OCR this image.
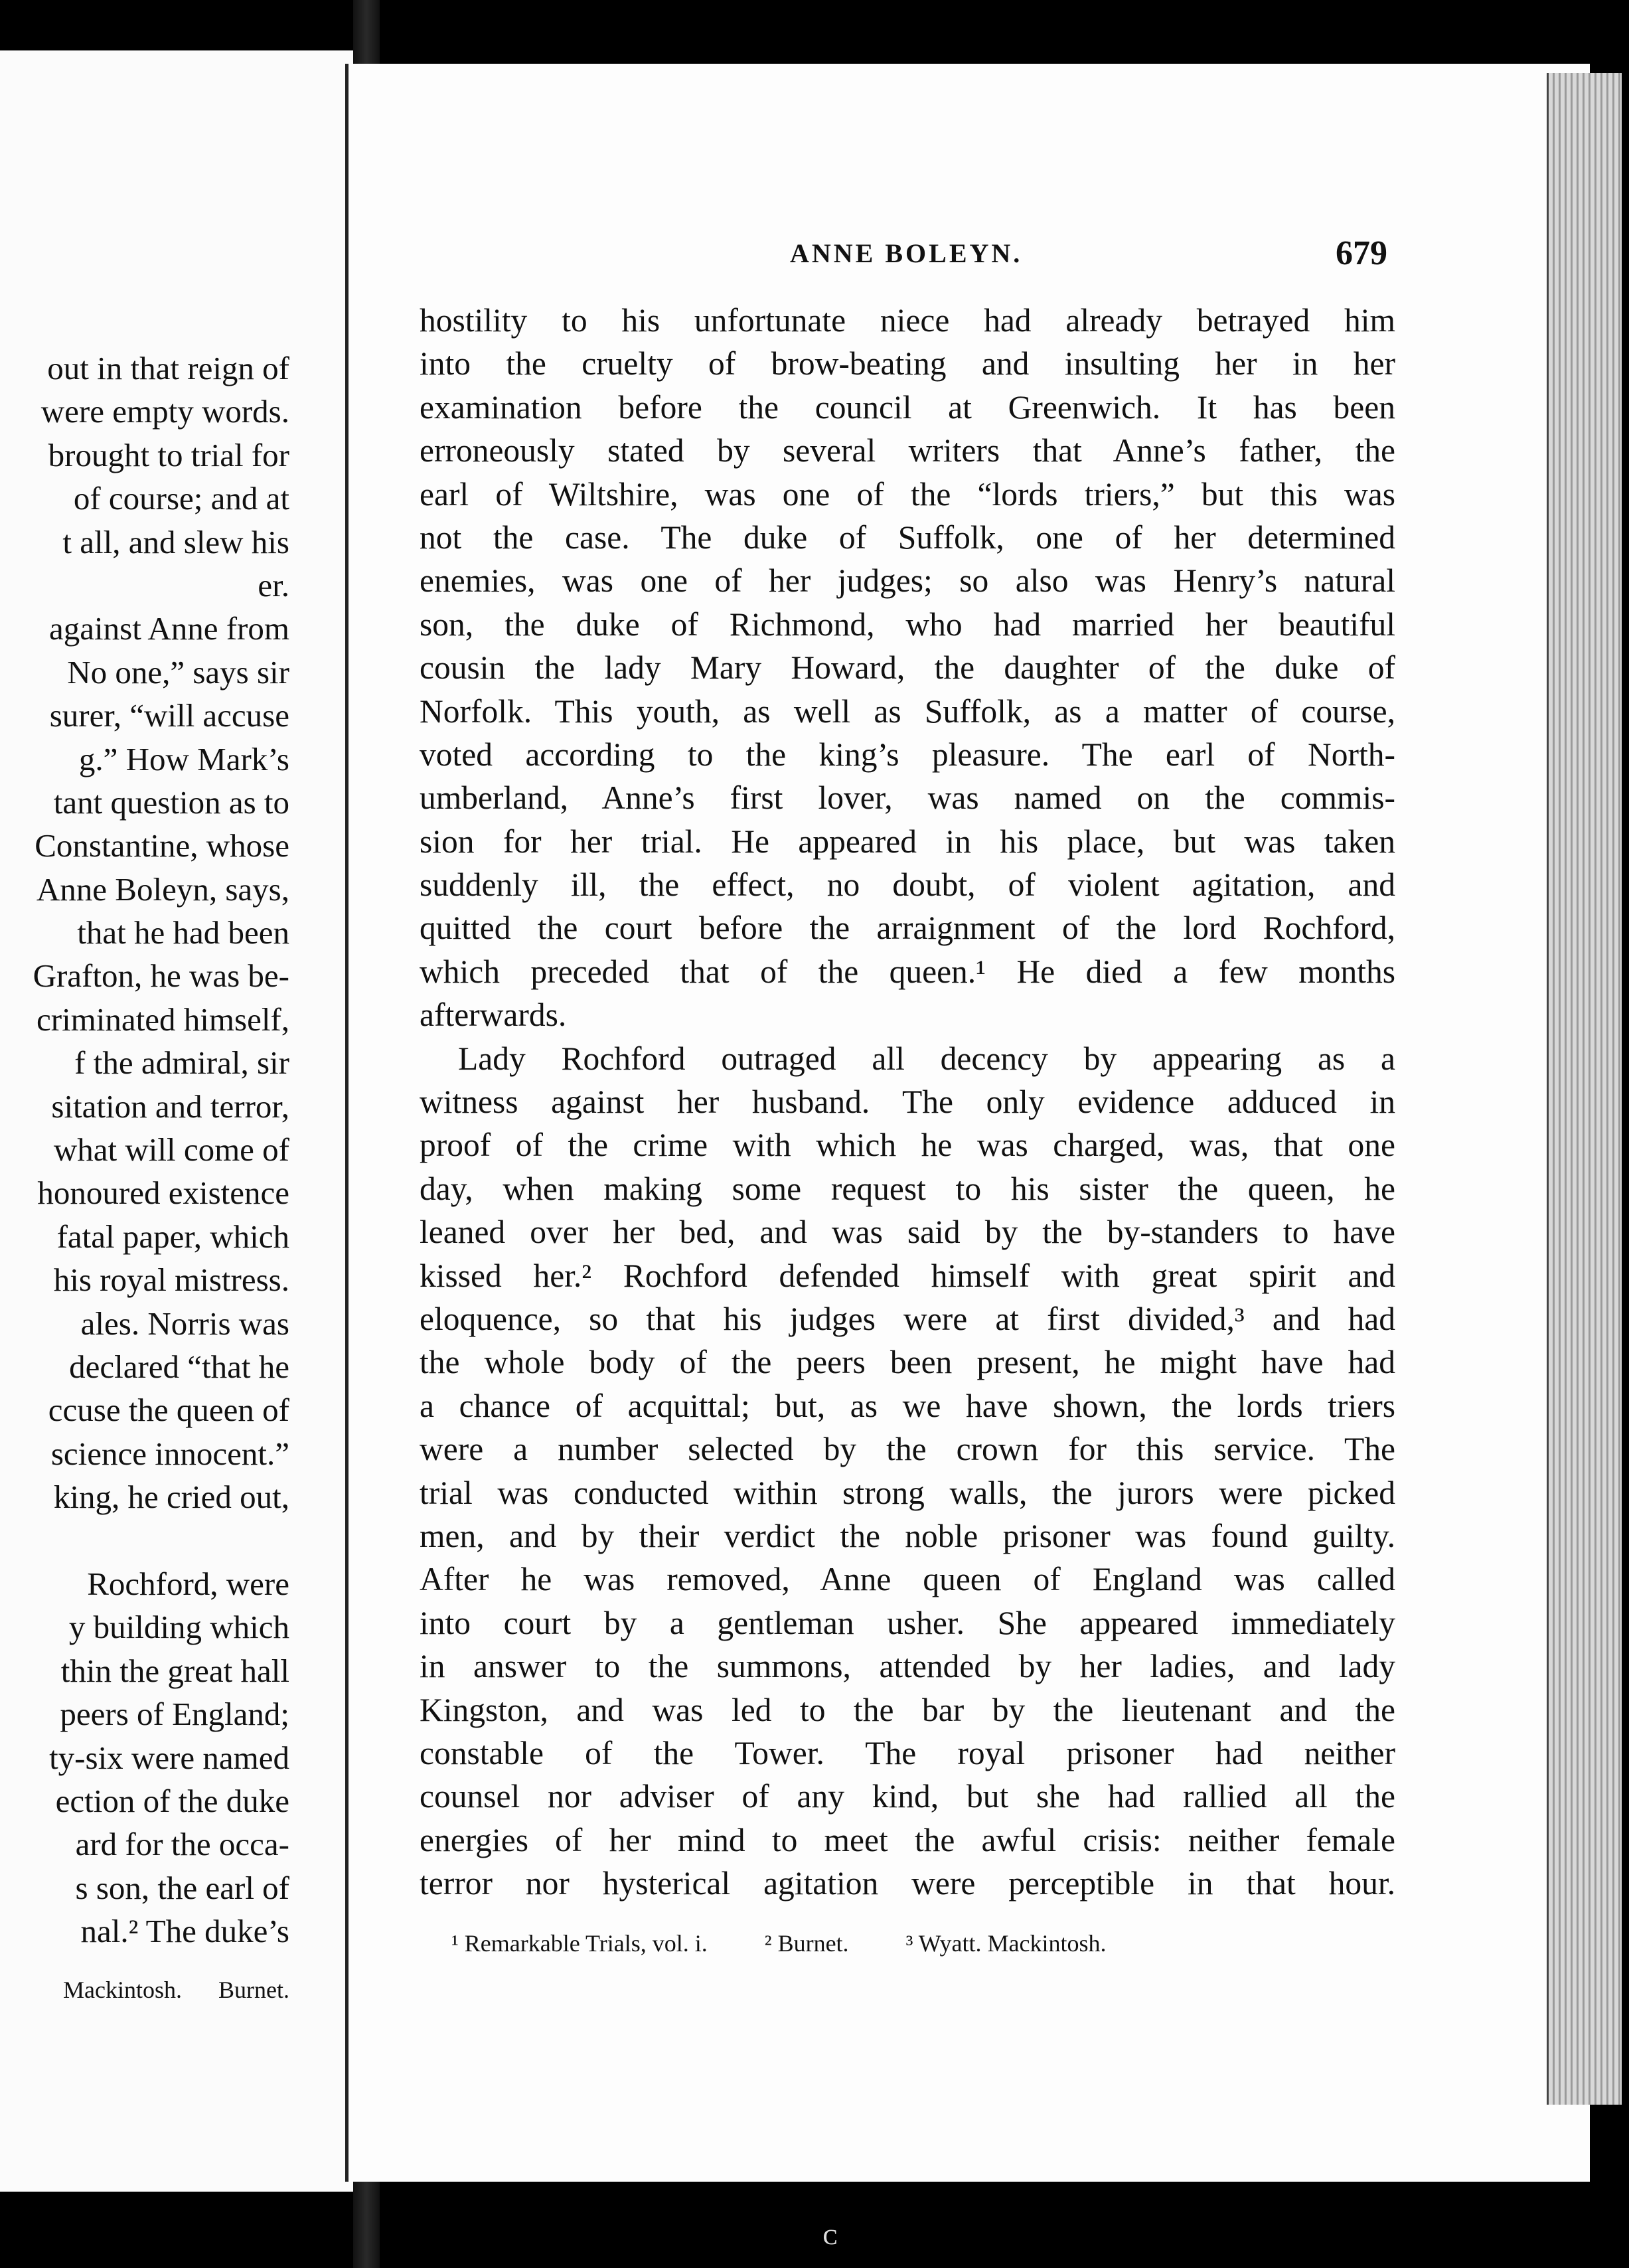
out in that reign of
were empty words.
brought to trial for
of course; and at
t all, and slew his
er.
against Anne from
No one,” says sir
surer, “will accuse
g.” How Mark’s
tant question as to
Constantine, whose
Anne Boleyn, says,
that he had been
Grafton, he was be-
criminated himself,
f the admiral, sir
sitation and terror,
what will come of
honoured existence
fatal paper, which
his royal mistress.
ales. Norris was
declared “that he
ccuse the queen of
science innocent.”
king, he cried out,
Rochford, were
y building which
thin the great hall
peers of England;
ty-six were named
ection of the duke
ard for the occa-
s son, the earl of
nal.² The duke’s
Mackintosh. Burnet.
ANNE BOLEYN.	679
hostility to his unfortunate niece had already betrayed him
into the cruelty of brow-beating and insulting her in her
examination before the council at Greenwich. It has been
erroneously stated by several writers that Anne’s father, the
earl of Wiltshire, was one of the “lords triers,” but this was
not the case. The duke of Suffolk, one of her determined
enemies, was one of her judges; so also was Henry’s natural
son, the duke of Richmond, who had married her beautiful
cousin the lady Mary Howard, the daughter of the duke of
Norfolk. This youth, as well as Suffolk, as a matter of course,
voted according to the king’s pleasure. The earl of North-
umberland, Anne’s first lover, was named on the commis-
sion for her trial. He appeared in his place, but was taken
suddenly ill, the effect, no doubt, of violent agitation, and
quitted the court before the arraignment of the lord Rochford,
which preceded that of the queen.¹ He died a few months
afterwards.
Lady Rochford outraged all decency by appearing as a
witness against her husband. The only evidence adduced in
proof of the crime with which he was charged, was, that one
day, when making some request to his sister the queen, he
leaned over her bed, and was said by the by-standers to have
kissed her.² Rochford defended himself with great spirit and
eloquence, so that his judges were at first divided,³ and had
the whole body of the peers been present, he might have had
a chance of acquittal; but, as we have shown, the lords triers
were a number selected by the crown for this service. The
trial was conducted within strong walls, the jurors were picked
men, and by their verdict the noble prisoner was found guilty.
After he was removed, Anne queen of England was called
into court by a gentleman usher. She appeared immediately
in answer to the summons, attended by her ladies, and lady
Kingston, and was led to the bar by the lieutenant and the
constable of the Tower. The royal prisoner had neither
counsel nor adviser of any kind, but she had rallied all the
energies of her mind to meet the awful crisis: neither female
terror nor hysterical agitation were perceptible in that hour.
¹ Remarkable Trials, vol. i. ² Burnet. ³ Wyatt. Mackintosh.
ᴄ
